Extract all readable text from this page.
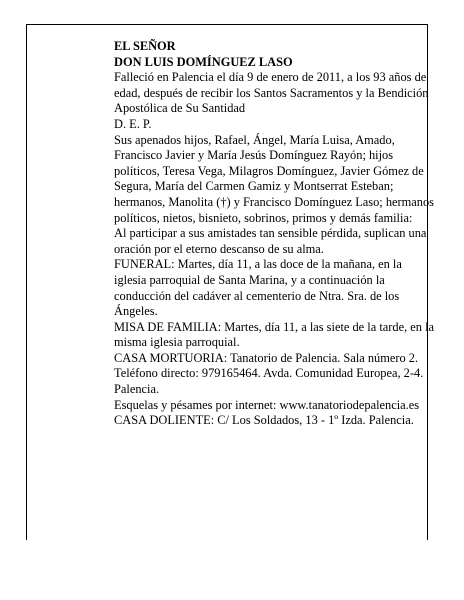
EL SEÑOR

DON LUIS DOMÍNGUEZ LASO

Falleció en Palencia el día 9 de enero de 2011, a los 93 años de edad, después de recibir los Santos Sacramentos y la Bendición Apostólica de Su Santidad

D. E. P.

Sus apenados hijos, Rafael, Ángel, María Luisa, Amado, Francisco Javier y María Jesús Domínguez Rayón; hijos políticos, Teresa Vega, Milagros Domínguez, Javier Gómez de Segura, María del Carmen Gamiz y Montserrat Esteban; hermanos, Manolita (†) y Francisco Domínguez Laso; hermanos políticos, nietos, bisnieto, sobrinos, primos y demás familia:

Al participar a sus amistades tan sensible pérdida, suplican una oración por el eterno descanso de su alma.

FUNERAL: Martes, día 11, a las doce de la mañana, en la iglesia parroquial de Santa Marina, y a continuación la conducción del cadáver al cementerio de Ntra. Sra. de los Ángeles.

MISA DE FAMILIA: Martes, día 11, a las siete de la tarde, en la misma iglesia parroquial.

CASA MORTUORIA: Tanatorio de Palencia. Sala número 2. Teléfono directo: 979165464. Avda. Comunidad Europea, 2-4. Palencia.

Esquelas y pésames por internet: www.tanatoriodepalencia.es

CASA DOLIENTE: C/ Los Soldados, 13 - 1º Izda. Palencia.
